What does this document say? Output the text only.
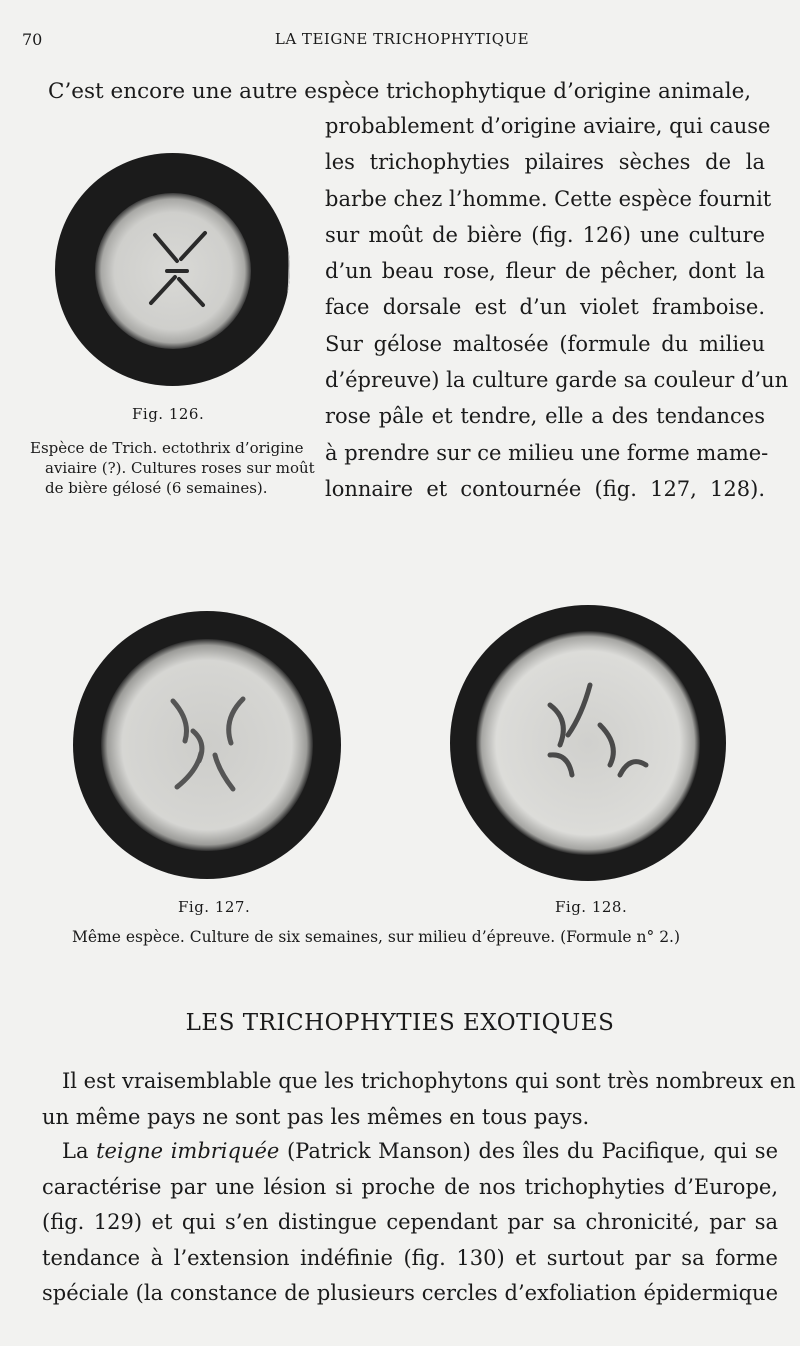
70	LA TEIGNE TRICHOPHYTIQUE
C’est encore une autre espèce trichophytique d’origine animale,
probablement d’origine aviaire, qui cause
les trichophyties pilaires sèches de la
barbe chez l’homme. Cette espèce fournit
sur moût de bière (fig. 126) une culture
d’un beau rose, fleur de pêcher, dont la
face dorsale est d’un violet framboise.
Sur gélose maltosée (formule du milieu
d’épreuve) la culture garde sa couleur d’un
rose pâle et tendre, elle a des tendances
à prendre sur ce milieu une forme mame-
lonnaire et contournée (fig. 127, 128).
Fig. 126.
Espèce de Trich. ectothrix d’origine
aviaire (?). Cultures roses sur moût
de bière gélosé (6 semaines).
Fig. 127.	Fig. 128.
Même espèce. Culture de six semaines, sur milieu d’épreuve. (Formule n° 2.)
LES TRICHOPHYTIES EXOTIQUES
Il est vraisemblable que les trichophytons qui sont très nombreux en
un même pays ne sont pas les mêmes en tous pays.
La teigne imbriquée (Patrick Manson) des îles du Pacifique, qui se
caractérise par une lésion si proche de nos trichophyties d’Europe,
(fig. 129) et qui s’en distingue cependant par sa chronicité, par sa
tendance à l’extension indéfinie (fig. 130) et surtout par sa forme
spéciale (la constance de plusieurs cercles d’exfoliation épidermique
